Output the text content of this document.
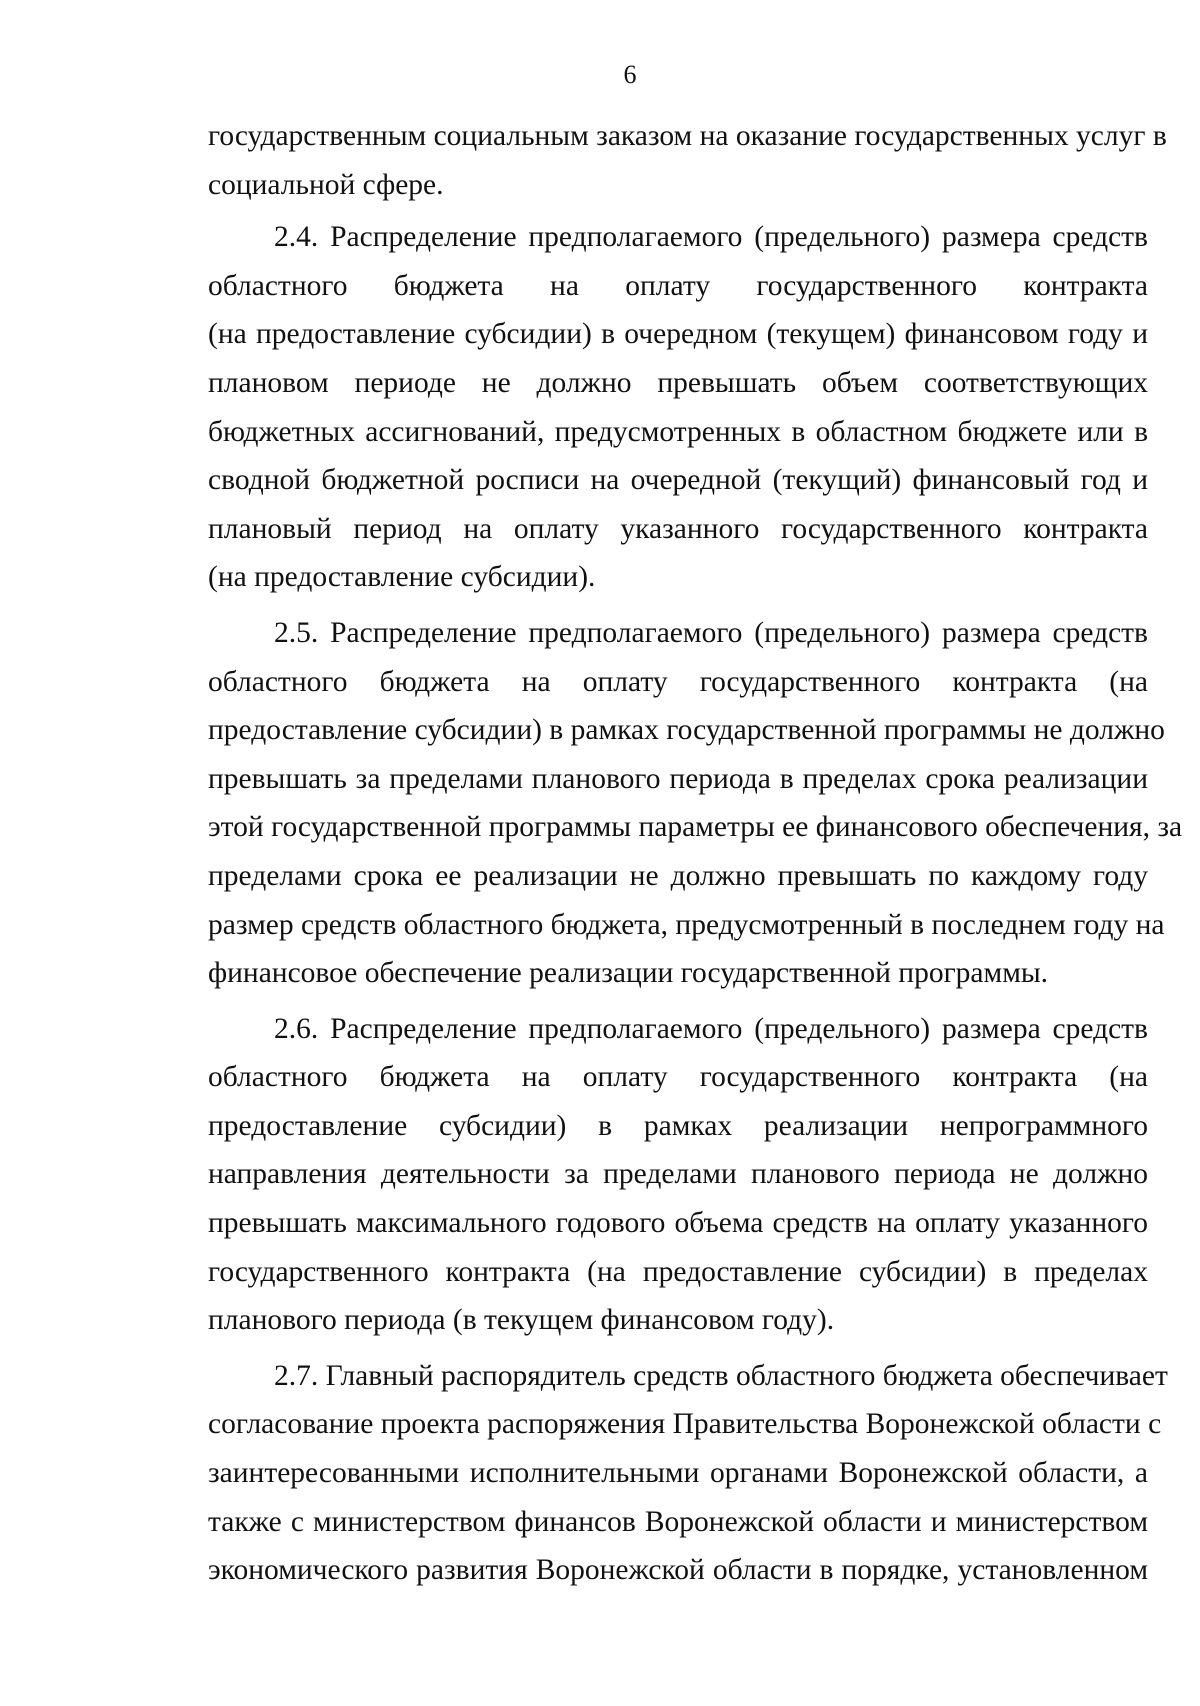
6
государственным социальным заказом на оказание государственных услуг в
социальной сфере.
2.4. Распределение предполагаемого (предельного) размера средств
областного бюджета на оплату государственного контракта
(на предоставление субсидии) в очередном (текущем) финансовом году и
плановом периоде не должно превышать объем соответствующих
бюджетных ассигнований, предусмотренных в областном бюджете или в
сводной бюджетной росписи на очередной (текущий) финансовый год и
плановый период на оплату указанного государственного контракта
(на предоставление субсидии).
2.5. Распределение предполагаемого (предельного) размера средств
областного бюджета на оплату государственного контракта (на
предоставление субсидии) в рамках государственной программы не должно
превышать за пределами планового периода в пределах срока реализации
этой государственной программы параметры ее финансового обеспечения, за
пределами срока ее реализации не должно превышать по каждому году
размер средств областного бюджета, предусмотренный в последнем году на
финансовое обеспечение реализации государственной программы.
2.6. Распределение предполагаемого (предельного) размера средств
областного бюджета на оплату государственного контракта (на
предоставление субсидии) в рамках реализации непрограммного
направления деятельности за пределами планового периода не должно
превышать максимального годового объема средств на оплату указанного
государственного контракта (на предоставление субсидии) в пределах
планового периода (в текущем финансовом году).
2.7. Главный распорядитель средств областного бюджета обеспечивает
согласование проекта распоряжения Правительства Воронежской области с
заинтересованными исполнительными органами Воронежской области, а
также с министерством финансов Воронежской области и министерством
экономического развития Воронежской области в порядке, установленном
